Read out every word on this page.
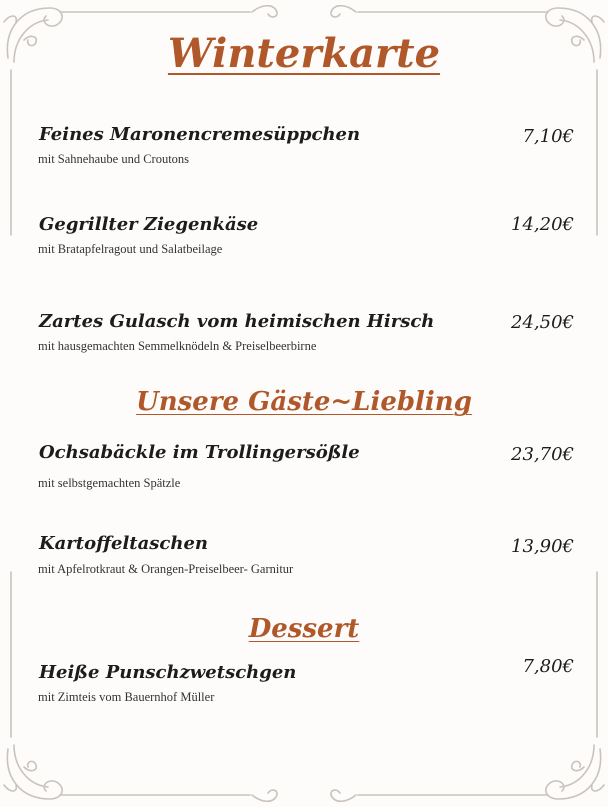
Winterkarte

Feines Maronencremesüppchen	7,10€

mit Sahnehaube und Croutons

Gegrillter Ziegenkäse	14,20€

mit Bratapfelragout und Salatbeilage

Zartes Gulasch vom heimischen Hirsch	24,50€

mit hausgemachten Semmelknödeln & Preiselbeerbirne

Unsere Gäste~Liebling

Ochsabäckle im Trollingersößle	23,70€

mit selbstgemachten Spätzle

Kartoffeltaschen	13,90€

mit Apfelrotkraut & Orangen-Preiselbeer- Garnitur

Dessert

Heiße Punschzwetschgen	7,80€

mit Zimteis vom Bauernhof Müller
